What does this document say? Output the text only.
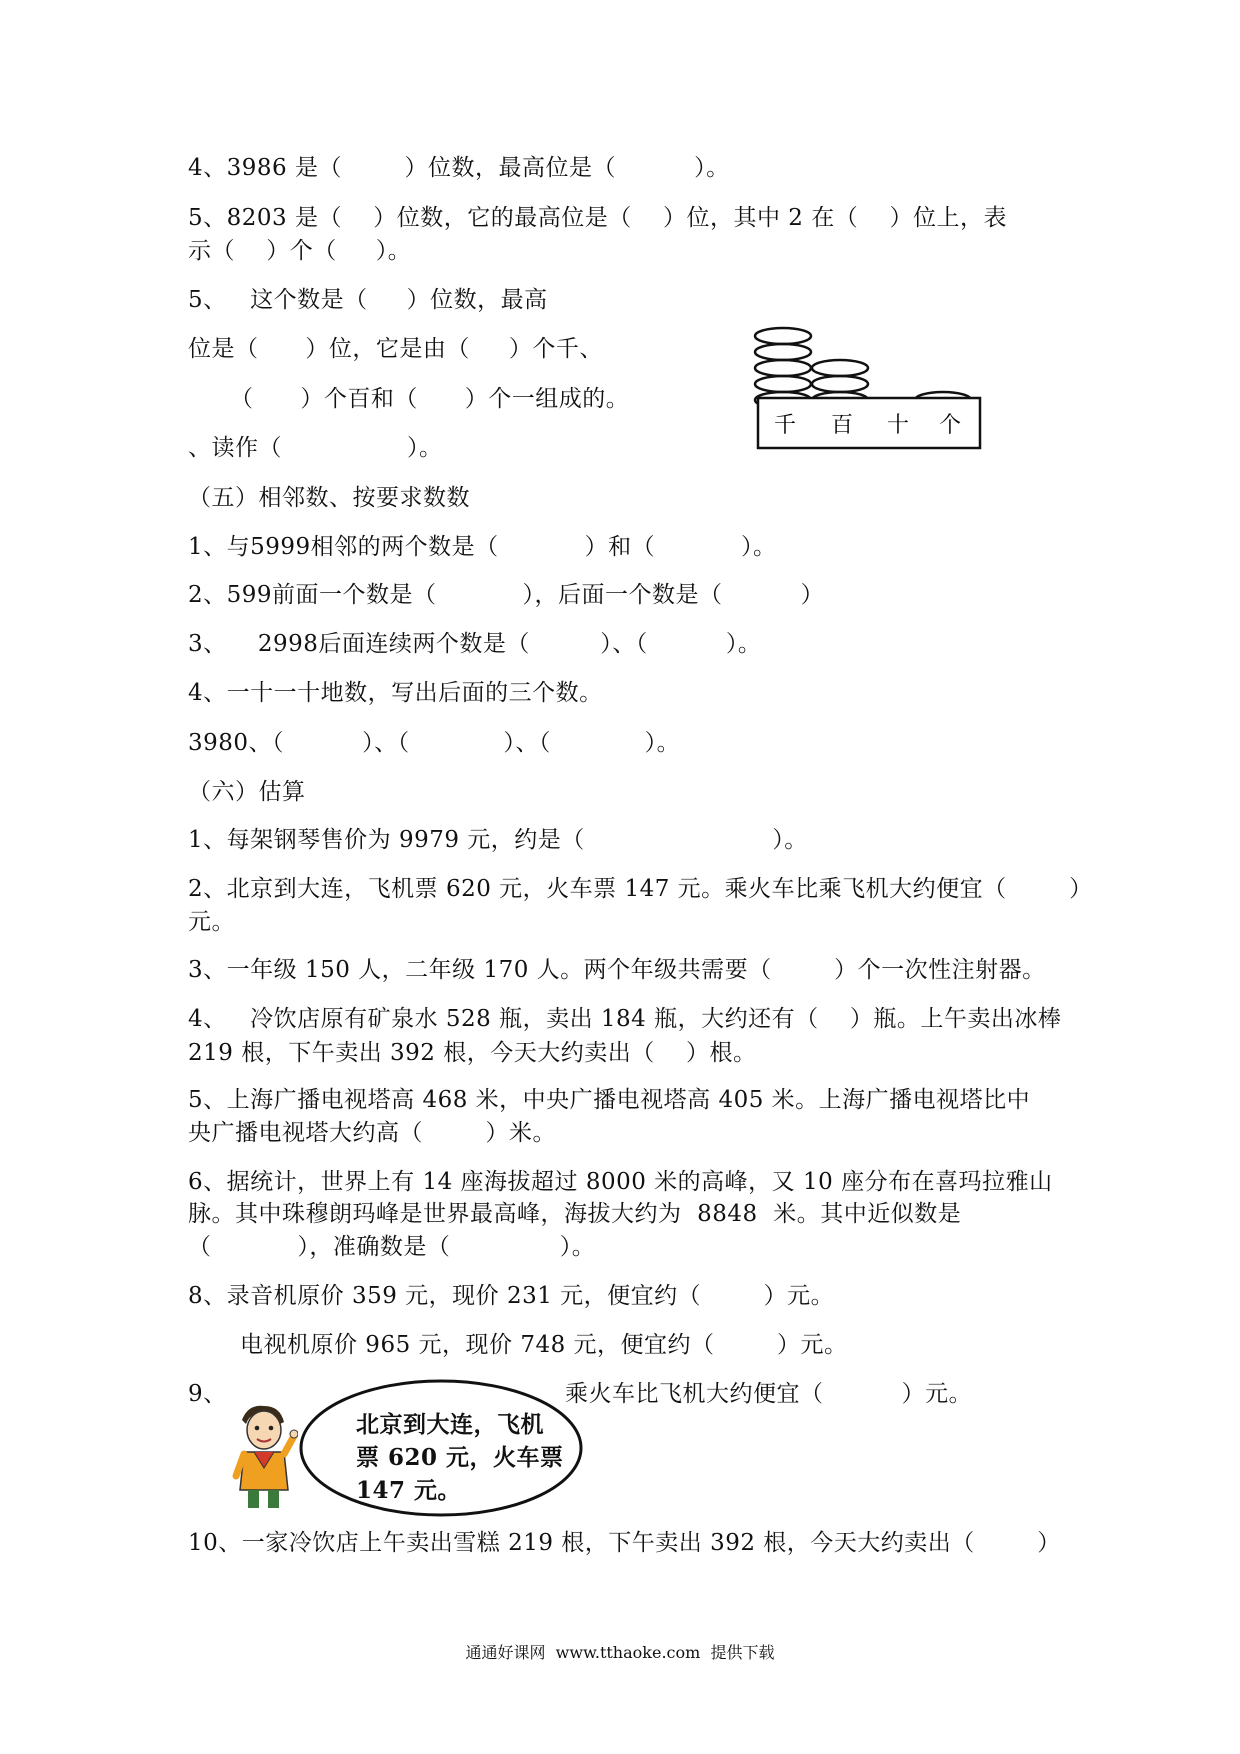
4、3986 是（        ）位数，最高位是（          ）。
5、8203 是（    ）位数，它的最高位是（    ）位，其中 2 在（    ）位上，表
示（    ）个（     ）。
5、   这个数是（     ）位数，最高
位是（      ）位，它是由（     ）个千、
（      ）个百和（      ）个一组成的。
、读作（                ）。
千 百 十 个
（五）相邻数、按要求数数
1、与5999相邻的两个数是（           ）和（           ）。
2、599前面一个数是（           ），后面一个数是（          ）
3、    2998后面连续两个数是（         ）、（          ）。
4、一十一十地数，写出后面的三个数。
3980、（          ）、（            ）、（            ）。
（六）估算
1、每架钢琴售价为 9979 元，约是（                        ）。
2、北京到大连，飞机票 620 元，火车票 147 元。乘火车比乘飞机大约便宜（        ）
元。
3、一年级 150 人，二年级 170 人。两个年级共需要（        ）个一次性注射器。
4、   冷饮店原有矿泉水 528 瓶，卖出 184 瓶，大约还有（    ）瓶。上午卖出冰棒
219 根，下午卖出 392 根，今天大约卖出（    ）根。
5、上海广播电视塔高 468 米，中央广播电视塔高 405 米。上海广播电视塔比中
央广播电视塔大约高（        ）米。
6、据统计，世界上有 14 座海拔超过 8000 米的高峰，又 10 座分布在喜玛拉雅山
脉。其中珠穆朗玛峰是世界最高峰，海拔大约为  8848  米。其中近似数是
（           ），准确数是（              ）。
8、录音机原价 359 元，现价 231 元，便宜约（        ）元。
电视机原价 965 元，现价 748 元，便宜约（        ）元。
9、	乘火车比飞机大约便宜（          ）元。
北京到大连，飞机
票 620 元，火车票
147 元。
10、一家冷饮店上午卖出雪糕 219 根，下午卖出 392 根，今天大约卖出（        ）
通通好课网  www.tthaoke.com  提供下载
